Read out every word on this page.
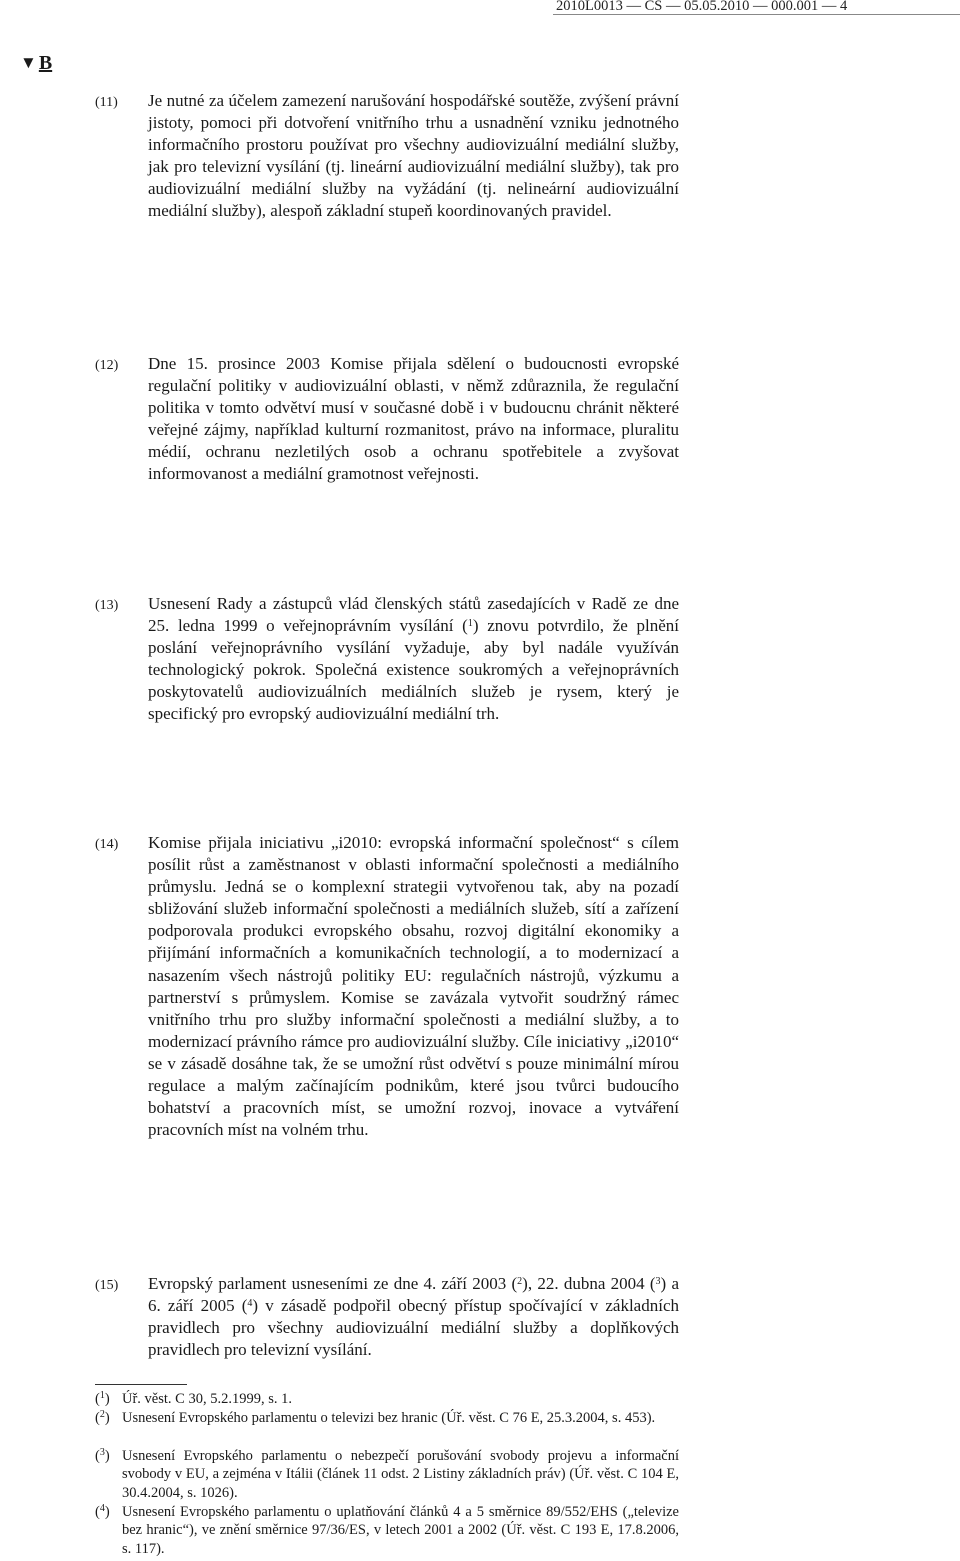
2010L0013 — CS — 05.05.2010 — 000.001 — 4
▼ B
(11) Je nutné za účelem zamezení narušování hospodářské soutěže, zvýšení právní jistoty, pomoci při dotvoření vnitřního trhu a usnadnění vzniku jednotného informačního prostoru používat pro všechny audiovizuální mediální služby, jak pro televizní vysílání (tj. lineární audiovizuální mediální služby), tak pro audiovizuální mediální služby na vyžádání (tj. nelineární audiovizuální mediální služby), alespoň základní stupeň koordinovaných pravidel.
(12) Dne 15. prosince 2003 Komise přijala sdělení o budoucnosti evropské regulační politiky v audiovizuální oblasti, v němž zdůraznila, že regulační politika v tomto odvětví musí v současné době i v budoucnu chránit některé veřejné zájmy, například kulturní rozmanitost, právo na informace, pluralitu médií, ochranu nezletilých osob a ochranu spotřebitele a zvyšovat informovanost a mediální gramotnost veřejnosti.
(13) Usnesení Rady a zástupců vlád členských států zasedajících v Radě ze dne 25. ledna 1999 o veřejnoprávním vysílání ($^1$) znovu potvrdilo, že plnění poslání veřejnoprávního vysílání vyžaduje, aby byl nadále využíván technologický pokrok. Společná existence soukromých a veřejnoprávních poskytovatelů audiovizuálních mediálních služeb je rysem, který je specifický pro evropský audiovizuální mediální trh.
(14) Komise přijala iniciativu „i2010: evropská informační společnost“ s cílem posílit růst a zaměstnanost v oblasti informační společnosti a mediálního průmyslu. Jedná se o komplexní strategii vytvořenou tak, aby na pozadí sbližování služeb informační společnosti a mediálních služeb, sítí a zařízení podporovala produkci evropského obsahu, rozvoj digitální ekonomiky a přijímání informačních a komunikačních technologií, a to modernizací a nasazením všech nástrojů politiky EU: regulačních nástrojů, výzkumu a partnerství s průmyslem. Komise se zavázala vytvořit soudržný rámec vnitřního trhu pro služby informační společnosti a mediální služby, a to modernizací právního rámce pro audiovizuální služby. Cíle iniciativy „i2010“ se v zásadě dosáhne tak, že se umožní růst odvětví s pouze minimální mírou regulace a malým začínajícím podnikům, které jsou tvůrci budoucího bohatství a pracovních míst, se umožní rozvoj, inovace a vytváření pracovních míst na volném trhu.
(15) Evropský parlament usneseními ze dne 4. září 2003 ($^2$), 22. dubna 2004 ($^3$) a 6. září 2005 ($^4$) v zásadě podpořil obecný přístup spočívající v základních pravidlech pro všechny audiovizuální mediální služby a doplňkových pravidlech pro televizní vysílání.
($^1$) Úř. věst. C 30, 5.2.1999, s. 1.
($^2$) Usnesení Evropského parlamentu o televizi bez hranic (Úř. věst. C 76 E, 25.3.2004, s. 453).
($^3$) Usnesení Evropského parlamentu o nebezpečí porušování svobody projevu a informační svobody v EU, a zejména v Itálii (článek 11 odst. 2 Listiny základních práv) (Úř. věst. C 104 E, 30.4.2004, s. 1026).
($^4$) Usnesení Evropského parlamentu o uplatňování článků 4 a 5 směrnice 89/552/EHS („televize bez hranic“), ve znění směrnice 97/36/ES, v letech 2001 a 2002 (Úř. věst. C 193 E, 17.8.2006, s. 117).
